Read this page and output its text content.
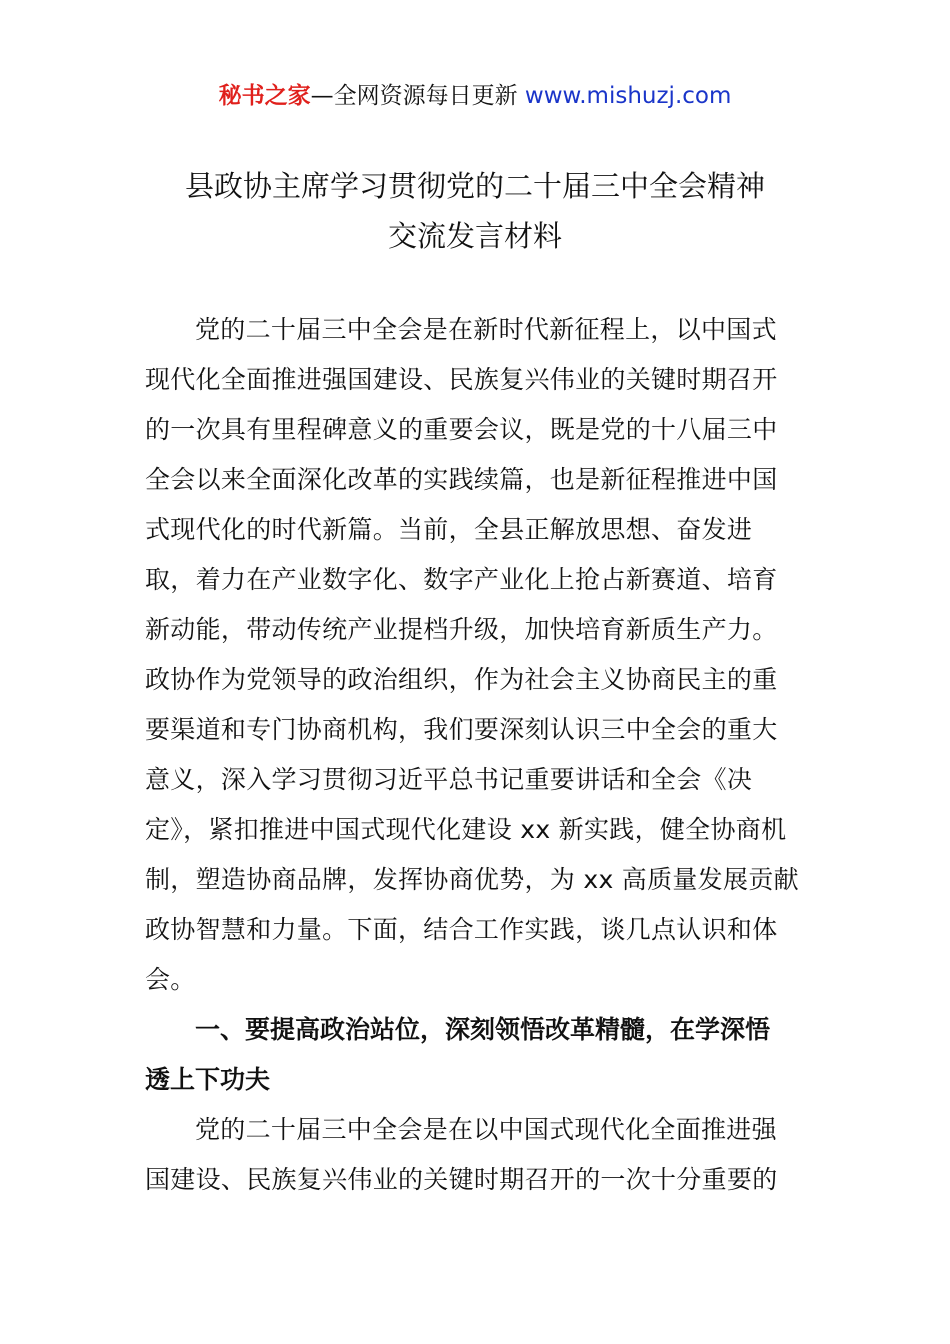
秘书之家—全网资源每日更新 www.mishuzj.com
县政协主席学习贯彻党的二十届三中全会精神
交流发言材料

党的二十届三中全会是在新时代新征程上，以中国式
现代化全面推进强国建设、民族复兴伟业的关键时期召开
的一次具有里程碑意义的重要会议，既是党的十八届三中
全会以来全面深化改革的实践续篇，也是新征程推进中国
式现代化的时代新篇。当前，全县正解放思想、奋发进
取，着力在产业数字化、数字产业化上抢占新赛道、培育
新动能，带动传统产业提档升级，加快培育新质生产力。
政协作为党领导的政治组织，作为社会主义协商民主的重
要渠道和专门协商机构，我们要深刻认识三中全会的重大
意义，深入学习贯彻习近平总书记重要讲话和全会《决
定》，紧扣推进中国式现代化建设 xx 新实践，健全协商机
制，塑造协商品牌，发挥协商优势，为 xx 高质量发展贡献
政协智慧和力量。下面，结合工作实践，谈几点认识和体
会。

一、要提高政治站位，深刻领悟改革精髓，在学深悟
透上下功夫

党的二十届三中全会是在以中国式现代化全面推进强
国建设、民族复兴伟业的关键时期召开的一次十分重要的
